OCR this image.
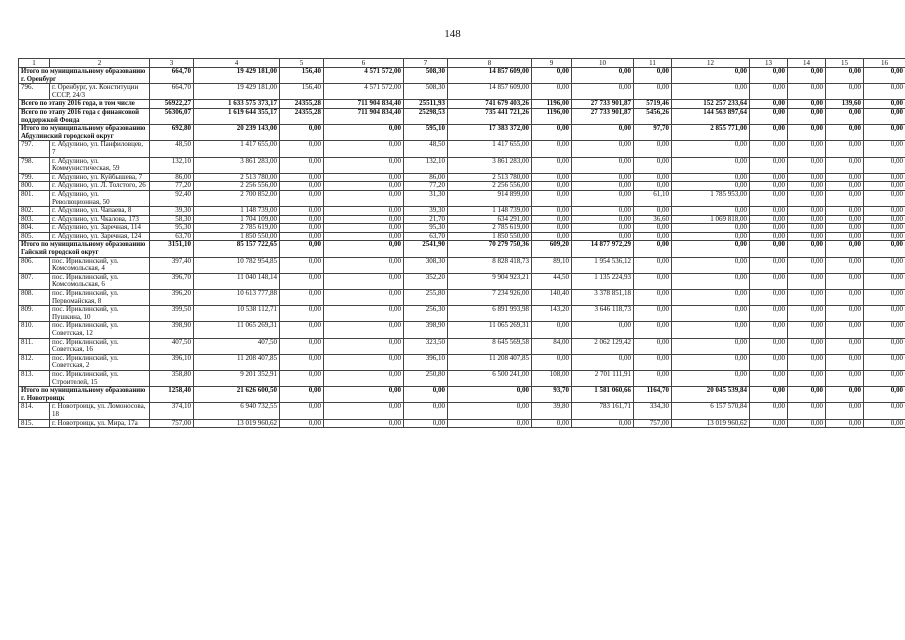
148
1	2	3	4	5	6	7	8	9	10	11	12	13	14	15	16
Итого по муниципальному образованию г. Оренбург		664,70	19 429 181,00	156,40	4 571 572,00	508,30	14 857 609,00	0,00	0,00	0,00	0,00	0,00	0,00	0,00	0,00
796.	г. Оренбург, ул. Конституции СССР, 24/3	664,70	19 429 181,00	156,40	4 571 572,00	508,30	14 857 609,00	0,00	0,00	0,00	0,00	0,00	0,00	0,00	0,00
Всего по этапу 2016 года, в том числе		56922,27	1 633 575 373,17	24355,28	711 904 834,40	25511,93	741 679 403,26	1196,00	27 733 901,87	5719,46	152 257 233,64	0,00	0,00	139,60	0,00
Всего по этапу 2016 года с финансовой поддержкой Фонда		56306,07	1 619 644 355,17	24355,28	711 904 834,40	25298,53	735 441 721,26	1196,00	27 733 901,87	5456,26	144 563 897,64	0,00	0,00	0,00	0,00
Итого по муниципальному образованию Абдулинский городской округ		692,80	20 239 143,00	0,00	0,00	595,10	17 383 372,00	0,00	0,00	97,70	2 855 771,00	0,00	0,00	0,00	0,00
797.	г. Абдулино, ул. Панфиловцев, 7	48,50	1 417 655,00	0,00	0,00	48,50	1 417 655,00	0,00	0,00	0,00	0,00	0,00	0,00	0,00	0,00
798.	г. Абдулино, ул. Коммунистическая, 59	132,10	3 861 283,00	0,00	0,00	132,10	3 861 283,00	0,00	0,00	0,00	0,00	0,00	0,00	0,00	0,00
799.	г. Абдулино, ул. Куйбышева, 7	86,00	2 513 780,00	0,00	0,00	86,00	2 513 780,00	0,00	0,00	0,00	0,00	0,00	0,00	0,00	0,00
800.	г. Абдулино, ул. Л. Толстого, 26	77,20	2 256 556,00	0,00	0,00	77,20	2 256 556,00	0,00	0,00	0,00	0,00	0,00	0,00	0,00	0,00
801.	г. Абдулино, ул. Революционная, 50	92,40	2 700 852,00	0,00	0,00	31,30	914 899,00	0,00	0,00	61,10	1 785 953,00	0,00	0,00	0,00	0,00
802.	г. Абдулино, ул. Чапаева, 8	39,30	1 148 739,00	0,00	0,00	39,30	1 148 739,00	0,00	0,00	0,00	0,00	0,00	0,00	0,00	0,00
803.	г. Абдулино, ул. Чкалова, 173	58,30	1 704 109,00	0,00	0,00	21,70	634 291,00	0,00	0,00	36,60	1 069 818,00	0,00	0,00	0,00	0,00
804.	г. Абдулино, ул. Заречная, 114	95,30	2 785 619,00	0,00	0,00	95,30	2 785 619,00	0,00	0,00	0,00	0,00	0,00	0,00	0,00	0,00
805.	г. Абдулино, ул. Заречная, 124	63,70	1 850 550,00	0,00	0,00	63,70	1 850 550,00	0,00	0,00	0,00	0,00	0,00	0,00	0,00	0,00
Итого по муниципальному образованию Гайский городской округ		3151,10	85 157 722,65	0,00	0,00	2541,90	70 279 750,36	609,20	14 877 972,29	0,00	0,00	0,00	0,00	0,00	0,00
806.	пос. Ириклинский, ул. Комсомольская, 4	397,40	10 782 954,85	0,00	0,00	308,30	8 828 418,73	89,10	1 954 536,12	0,00	0,00	0,00	0,00	0,00	0,00
807.	пос. Ириклинский, ул. Комсомольская, 6	396,70	11 040 148,14	0,00	0,00	352,20	9 904 923,21	44,50	1 135 224,93	0,00	0,00	0,00	0,00	0,00	0,00
808.	пос. Ириклинский, ул. Первомайская, 8	396,20	10 613 777,88	0,00	0,00	255,80	7 234 926,00	140,40	3 378 851,18	0,00	0,00	0,00	0,00	0,00	0,00
809.	пос. Ириклинский, ул. Пушкина, 10	399,50	10 538 112,71	0,00	0,00	256,30	6 891 993,98	143,20	3 646 118,73	0,00	0,00	0,00	0,00	0,00	0,00
810.	пос. Ириклинский, ул. Советская, 12	398,90	11 065 269,31	0,00	0,00	398,90	11 065 269,31	0,00	0,00	0,00	0,00	0,00	0,00	0,00	0,00
811.	пос. Ириклинский, ул. Советская, 16	407,50	407,50	0,00	0,00	323,50	8 645 569,58	84,00	2 062 129,42	0,00	0,00	0,00	0,00	0,00	0,00
812.	пос. Ириклинский, ул. Советская, 2	396,10	11 208 407,85	0,00	0,00	396,10	11 208 407,85	0,00	0,00	0,00	0,00	0,00	0,00	0,00	0,00
813.	пос. Ириклинский, ул. Строителей, 15	358,80	9 201 352,91	0,00	0,00	250,80	6 500 241,00	108,00	2 701 111,91	0,00	0,00	0,00	0,00	0,00	0,00
Итого по муниципальному образованию г. Новотроицк		1258,40	21 626 600,50	0,00	0,00	0,00	0,00	93,70	1 581 060,66	1164,70	20 045 539,84	0,00	0,00	0,00	0,00
814.	г. Новотроицк, ул. Ломоносова, 18	374,10	6 940 732,55	0,00	0,00	0,00	0,00	39,80	783 161,71	334,30	6 157 570,84	0,00	0,00	0,00	0,00
815.	г. Новотроицк, ул. Мира, 17а	757,00	13 019 960,62	0,00	0,00	0,00	0,00	0,00	0,00	757,00	13 019 960,62	0,00	0,00	0,00	0,00
